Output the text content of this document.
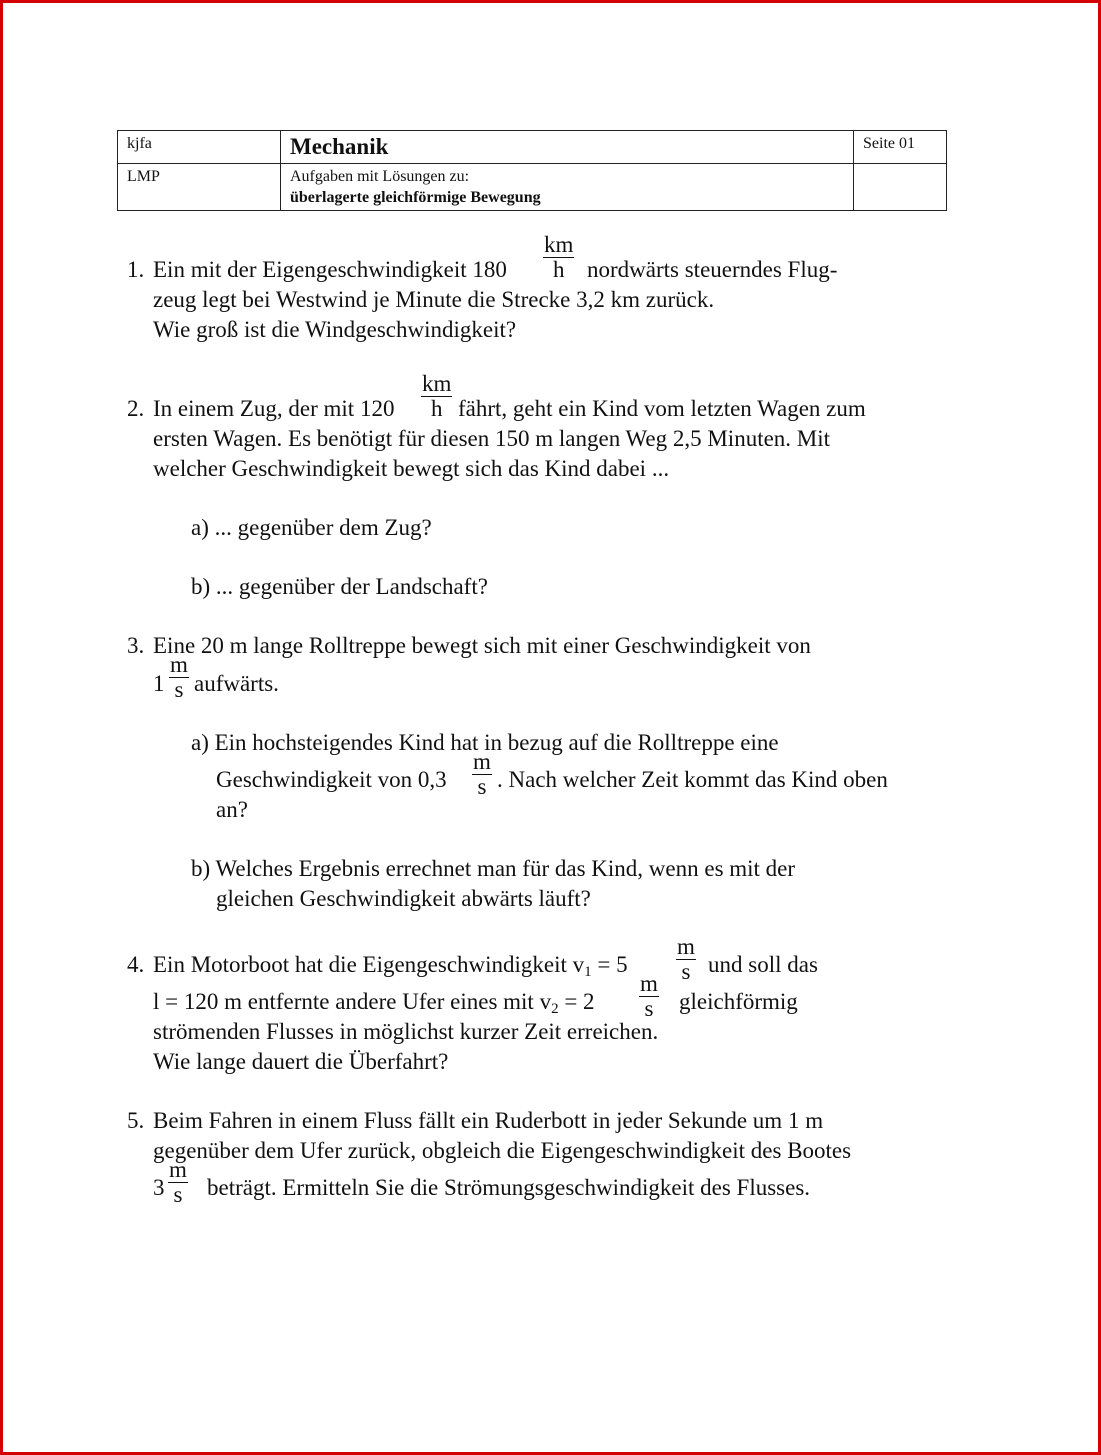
kjfa	Mechanik	Seite 01
LMP	Aufgaben mit Lösungen zu:
überlagerte gleichförmige Bewegung	

1. Ein mit der Eigengeschwindigkeit $180 \frac{km}{h}$ nordwärts steuerndes Flug-
zeug legt bei Westwind je Minute die Strecke 3,2 km zurück.
Wie groß ist die Windgeschwindigkeit?
2. In einem Zug, der mit $120 \frac{km}{h}$ fährt, geht ein Kind vom letzten Wagen zum
ersten Wagen. Es benötigt für diesen 150 m langen Weg 2,5 Minuten. Mit
welcher Geschwindigkeit bewegt sich das Kind dabei ...
a) ... gegenüber dem Zug?
b) ... gegenüber der Landschaft?
3. Eine 20 m lange Rolltreppe bewegt sich mit einer Geschwindigkeit von
$1 \frac{m}{s}$ aufwärts.
a) Ein hochsteigendes Kind hat in bezug auf die Rolltreppe eine
Geschwindigkeit von $0,3 \frac{m}{s}$ . Nach welcher Zeit kommt das Kind oben
an?
b) Welches Ergebnis errechnet man für das Kind, wenn es mit der
gleichen Geschwindigkeit abwärts läuft?
4. Ein Motorboot hat die Eigengeschwindigkeit $v_1 = 5 \frac{m}{s}$ und soll das
l = 120 m entfernte andere Ufer eines mit $v_2 = 2 \frac{m}{s}$ gleichförmig
strömenden Flusses in möglichst kurzer Zeit erreichen.
Wie lange dauert die Überfahrt?
5. Beim Fahren in einem Fluss fällt ein Ruderbott in jeder Sekunde um 1 m
gegenüber dem Ufer zurück, obgleich die Eigengeschwindigkeit des Bootes
$3 \frac{m}{s}$ beträgt. Ermitteln Sie die Strömungsgeschwindigkeit des Flusses.
